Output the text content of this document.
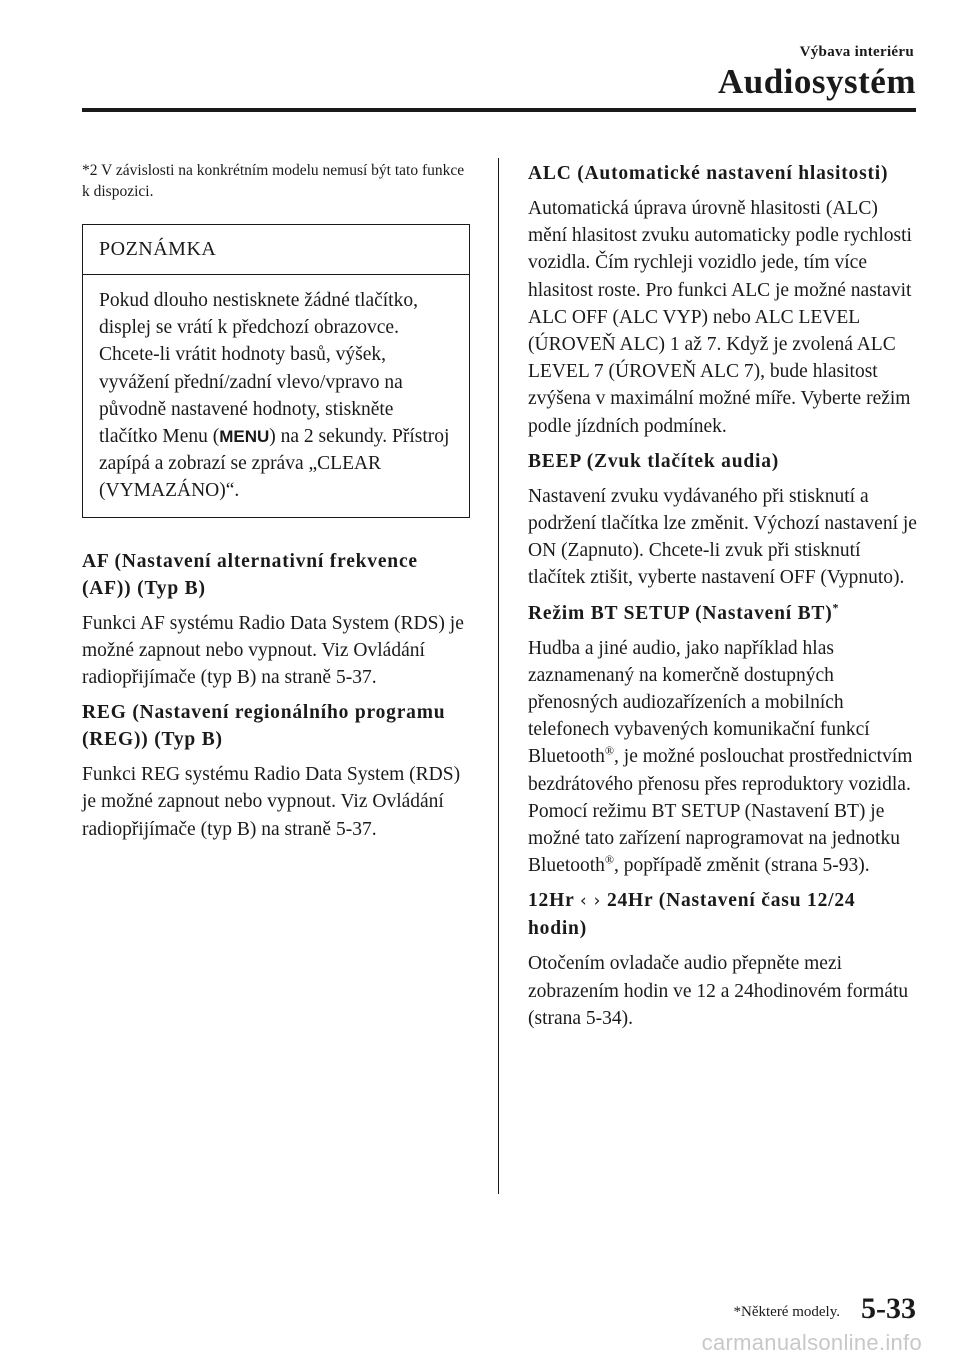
Výbava interiéru
Audiosystém

*2 V závislosti na konkrétním modelu nemusí být tato funkce k dispozici.

POZNÁMKA
Pokud dlouho nestisknete žádné tlačítko, displej se vrátí k předchozí obrazovce. Chcete-li vrátit hodnoty basů, výšek, vyvážení přední/zadní vlevo/vpravo na původně nastavené hodnoty, stiskněte tlačítko Menu (MENU) na 2 sekundy. Přístroj zapípá a zobrazí se zpráva „CLEAR (VYMAZÁNO)“.

AF (Nastavení alternativní frekvence (AF)) (Typ B)

Funkci AF systému Radio Data System (RDS) je možné zapnout nebo vypnout. Viz Ovládání radiopřijímače (typ B) na straně 5-37.

REG (Nastavení regionálního programu (REG)) (Typ B)

Funkci REG systému Radio Data System (RDS) je možné zapnout nebo vypnout. Viz Ovládání radiopřijímače (typ B) na straně 5-37.

ALC (Automatické nastavení hlasitosti)

Automatická úprava úrovně hlasitosti (ALC) mění hlasitost zvuku automaticky podle rychlosti vozidla. Čím rychleji vozidlo jede, tím více hlasitost roste. Pro funkci ALC je možné nastavit ALC OFF (ALC VYP) nebo ALC LEVEL (ÚROVEŇ ALC) 1 až 7. Když je zvolená ALC LEVEL 7 (ÚROVEŇ ALC 7), bude hlasitost zvýšena v maximální možné míře. Vyberte režim podle jízdních podmínek.

BEEP (Zvuk tlačítek audia)

Nastavení zvuku vydávaného při stisknutí a podržení tlačítka lze změnit. Výchozí nastavení je ON (Zapnuto). Chcete-li zvuk při stisknutí tlačítek ztišit, vyberte nastavení OFF (Vypnuto).

Režim BT SETUP (Nastavení BT)*

Hudba a jiné audio, jako například hlas zaznamenaný na komerčně dostupných přenosných audiozařízeních a mobilních telefonech vybavených komunikační funkcí Bluetooth®, je možné poslouchat prostřednictvím bezdrátového přenosu přes reproduktory vozidla. Pomocí režimu BT SETUP (Nastavení BT) je možné tato zařízení naprogramovat na jednotku Bluetooth®, popřípadě změnit (strana 5-93).

12Hr ‹ › 24Hr (Nastavení času 12/24 hodin)

Otočením ovladače audio přepněte mezi zobrazením hodin ve 12 a 24hodinovém formátu (strana 5-34).

*Některé modely. 5-33
carmanualsonline.info
